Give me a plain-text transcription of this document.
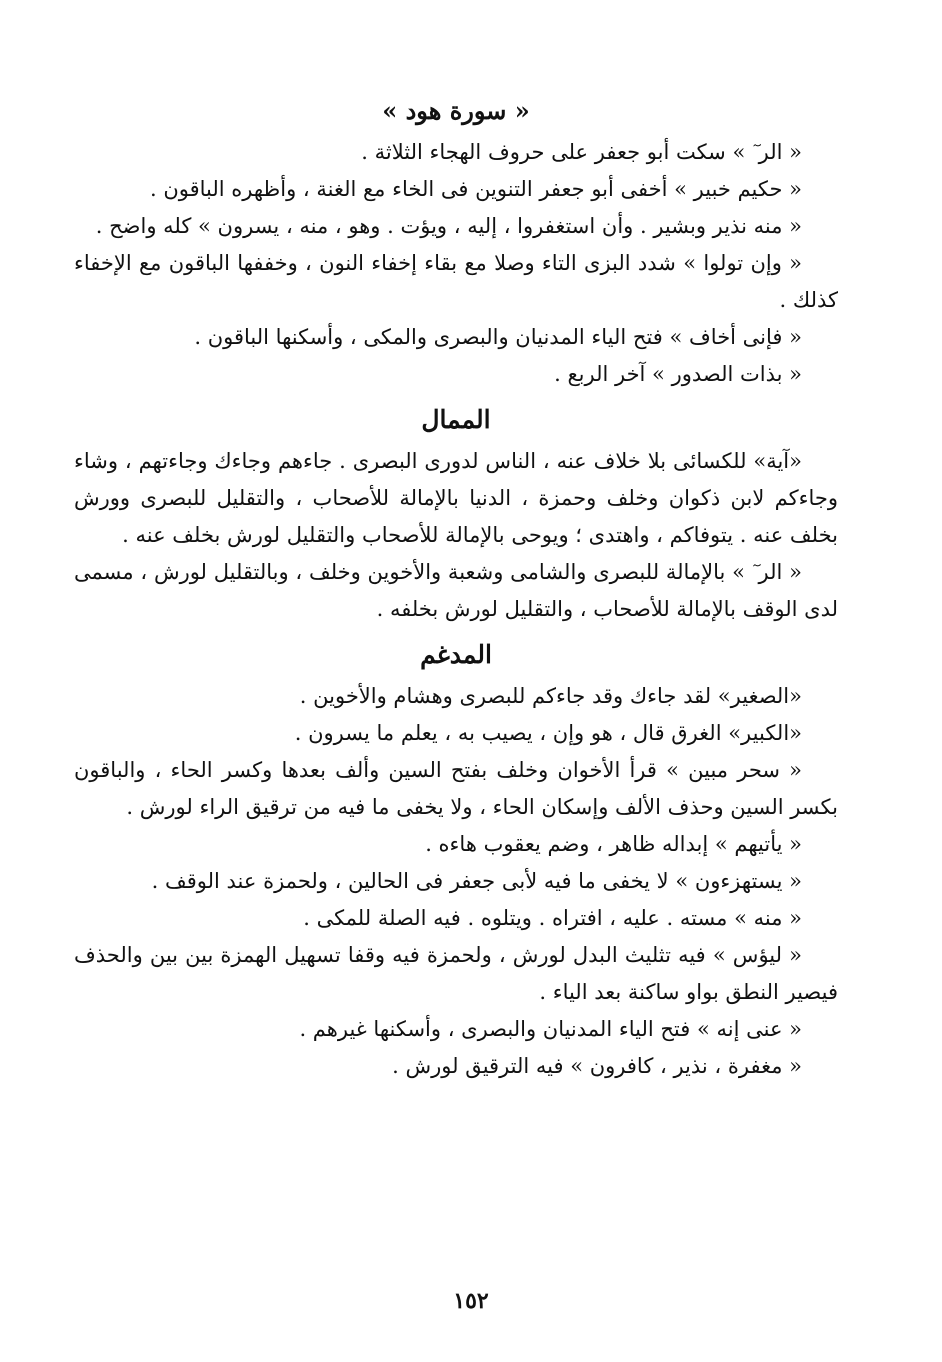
« سورة هود »

« الر ٓ » سكت أبو جعفر على حروف الهجاء الثلاثة .

« حكيم خبير » أخفى أبو جعفر التنوين فى الخاء مع الغنة ، وأظهره الباقون .

« منه نذير وبشير . وأن استغفروا ، إليه ، ويؤت . وهو ، منه ، يسرون » كله واضح .

« وإن تولوا » شدد البزى التاء وصلا مع بقاء إخفاء النون ، وخففها الباقون مع الإخفاء كذلك .

« فإنى أخاف » فتح الياء المدنيان والبصرى والمكى ، وأسكنها الباقون .

« بذات الصدور » آخر الربع .

الممال

«آية» للكسائى بلا خلاف عنه ، الناس لدورى البصرى . جاءهم وجاءك وجاءتهم ، وشاء وجاءكم لابن ذكوان وخلف وحمزة ، الدنيا بالإمالة للأصحاب ، والتقليل للبصرى وورش بخلف عنه . يتوفاكم ، واهتدى ؛ ويوحى بالإمالة للأصحاب والتقليل لورش بخلف عنه .

« الر ٓ » بالإمالة للبصرى والشامى وشعبة والأخوين وخلف ، وبالتقليل لورش ، مسمى لدى الوقف بالإمالة للأصحاب ، والتقليل لورش بخلفه .

المدغم

«الصغير» لقد جاءك وقد جاءكم للبصرى وهشام والأخوين .

«الكبير» الغرق قال ، هو وإن ، يصيب به ، يعلم ما يسرون .

« سحر مبين » قرأ الأخوان وخلف بفتح السين وألف بعدها وكسر الحاء ، والباقون بكسر السين وحذف الألف وإسكان الحاء ، ولا يخفى ما فيه من ترقيق الراء لورش .

« يأتيهم » إبداله ظاهر ، وضم يعقوب هاءه .

« يستهزءون » لا يخفى ما فيه لأبى جعفر فى الحالين ، ولحمزة عند الوقف .

« منه » مسته . عليه ، افتراه . ويتلوه . فيه الصلة للمكى .

« ليؤس » فيه تثليث البدل لورش ، ولحمزة فيه وقفا تسهيل الهمزة بين بين والحذف فيصير النطق بواو ساكنة بعد الياء .

« عنى إنه » فتح الياء المدنيان والبصرى ، وأسكنها غيرهم .

« مغفرة ، نذير ، كافرون » فيه الترقيق لورش .

١٥٢
